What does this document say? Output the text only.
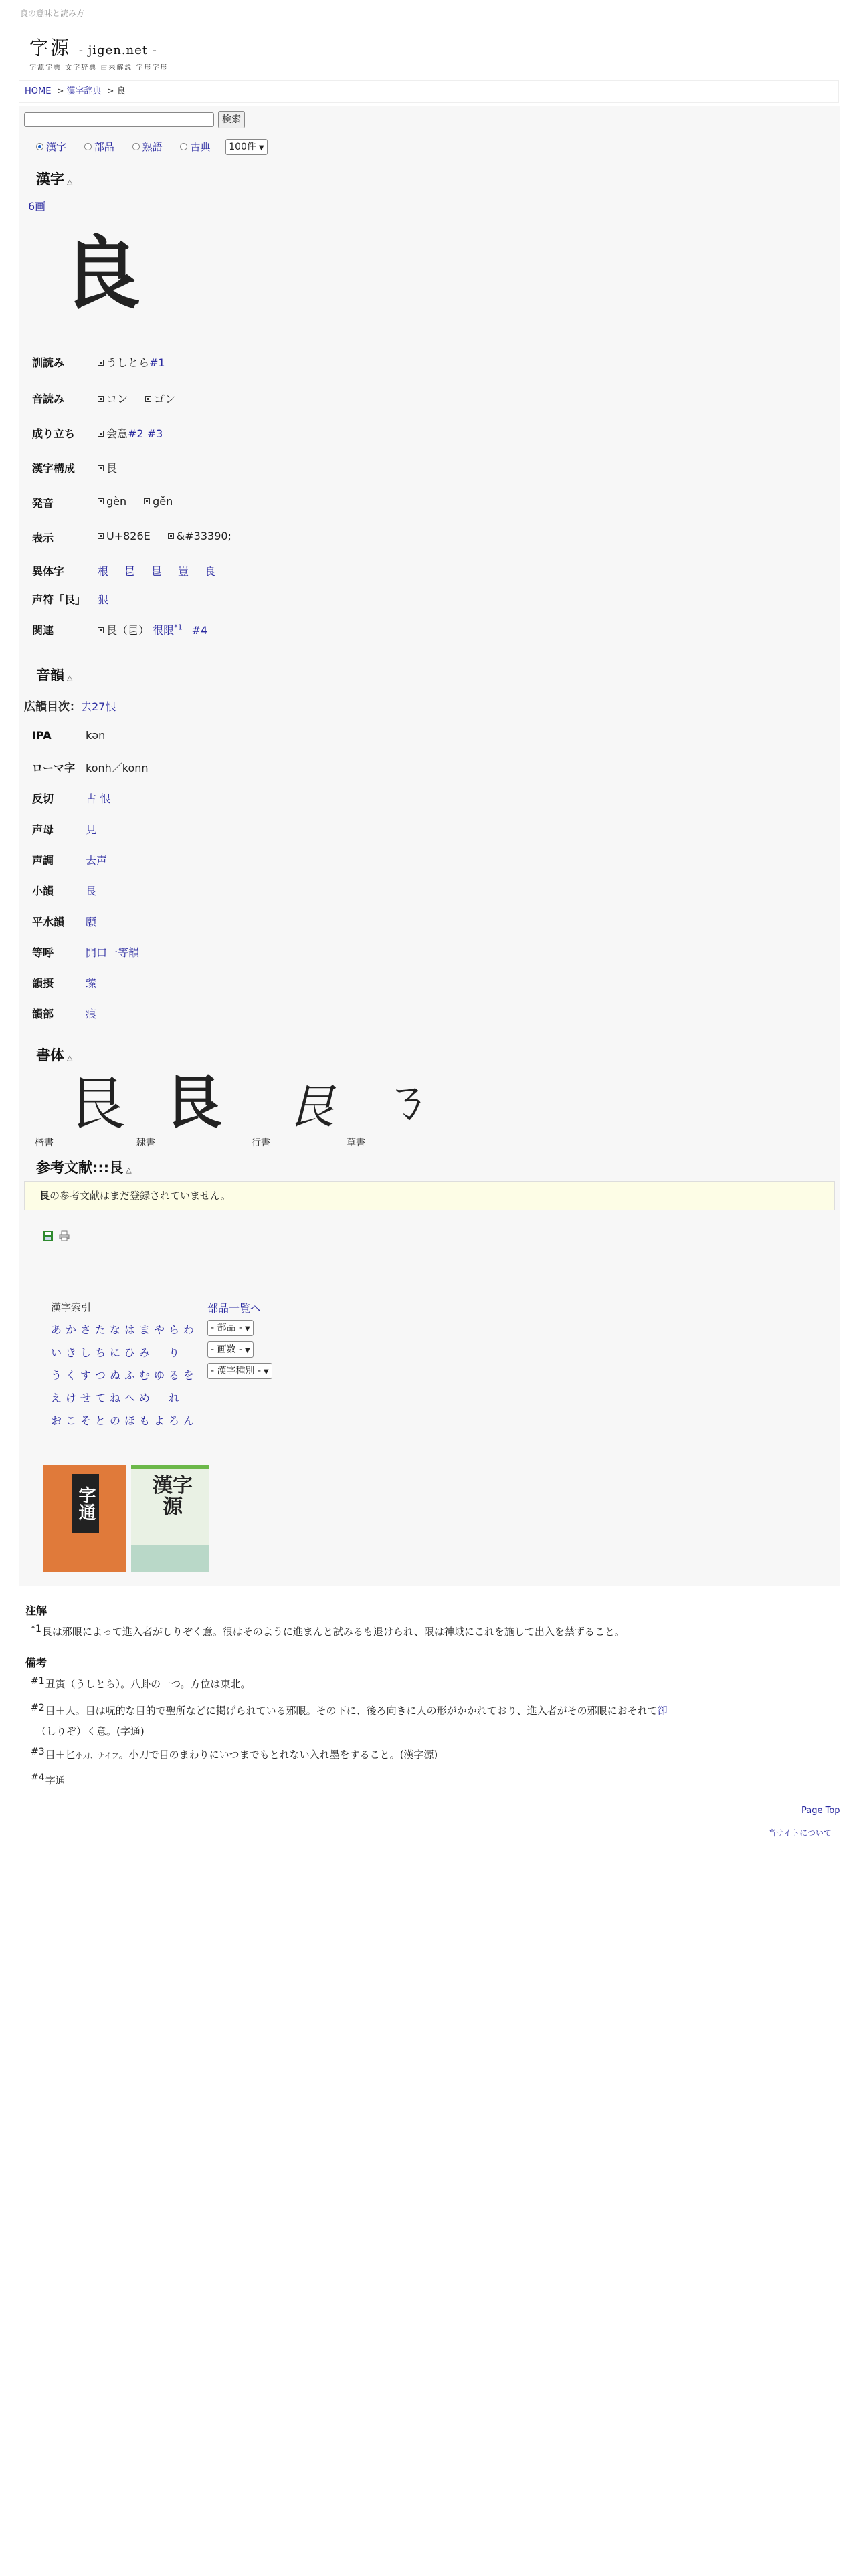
良の意味と読み方
字源 - jigen.net -
字源字典 文字辞典 由来解説 字形字形
HOME > 漢字辞典 > 良
検索
漢字	部品	熟語	古典 100件 ▼
漢字 △
6画
良
訓読み	うしとら#1
音読み	コン ゴン
成り立ち	会意#2 #3
漢字構成	艮
発音	gèn gěn
表示	U+826E &#33390;
異体字	根 㫐 𥃩 豈 良
声符「艮」 狠
関連	艮（㫐） 很限$^{*1}$ #4
音韻 △
広韻目次：去27恨
IPA	kən
ローマ字 konh／konn
反切	古 恨
声母	見
声調	去声
小韻	艮
平水韻 願
等呼	開口一等韻
韻摂	臻
韻部	痕
書体 △
艮
楷書
艮
隷書
艮
行書
ㄋ
草書
参考文献:::艮 △
艮の参考文献はまだ登録されていません。
漢字索引	部品一覧へ
あ か さ た な は ま や ら わ
い き し ち に ひ み り
う く す つ ぬ ふ む ゆ る を
え け せ て ね へ め れ
お こ そ と の ほ も よ ろ ん
- 部品 - ▼
- 画数 - ▼
- 漢字種別 - ▼
字通
漢字源
注解
*1艮は邪眼によって進入者がしりぞく意。很はそのように進まんと試みるも退けられ、限は神域にこれを施して出入を禁ずること。
備考
#1丑寅（うしとら）。八卦の一つ。方位は東北。
#2目＋人。目は呪的な目的で聖所などに掲げられている邪眼。その下に、後ろ向きに人の形がかかれており、進入者がその邪眼におそれて卻
（しりぞ）く意。(字通)
#3目＋匕小刀、ナイフ。小刀で目のまわりにいつまでもとれない入れ墨をすること。(漢字源)
#4字通
Page Top
当サイトについて
